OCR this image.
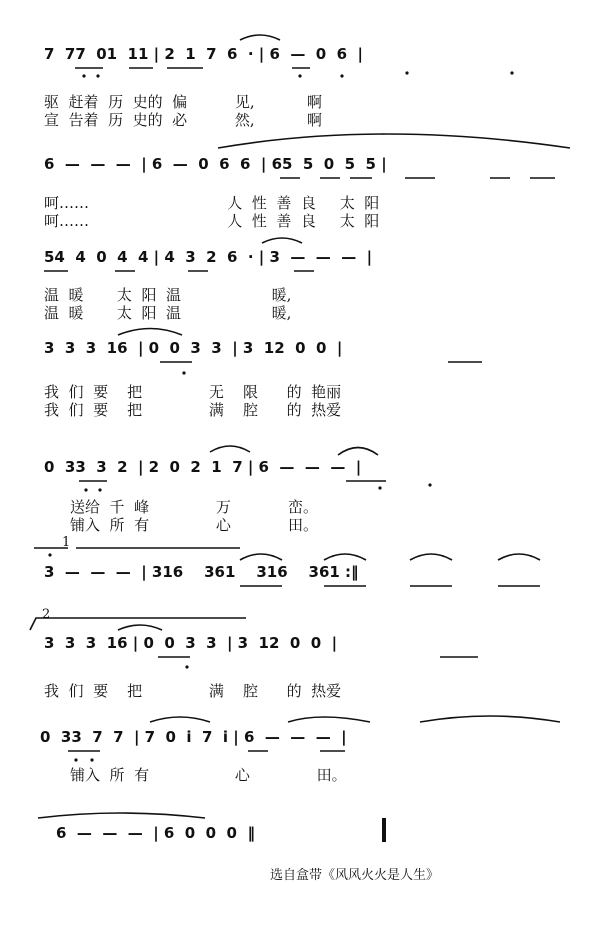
7  77  01  11 | 2  1  7  6  · | 6  —  0  6  |
驱  赶着  历  史的  偏          见,           啊
宣  告着  历  史的  必          然,           啊
6  —  —  —  | 6  —  0  6  6  | 65  5  0  5  5 |
呵……                             人  性  善  良     太  阳
呵……                             人  性  善  良     太  阳
54  4  0  4  4 | 4  3  2  6  · | 3  —  —  —  |
温  暖       太  阳  温                   暖,
温  暖       太  阳  温                   暖,
3  3  3  16  | 0  0  3  3  | 3  12  0  0  |
我  们  要    把              无    限      的  艳丽
我  们  要    把              满    腔      的  热爱
0  33  3  2  | 2  0  2  1  7 | 6  —  —  —  |
送给  千  峰              万            峦。
铺入  所  有              心            田。
1
3  —  —  —  | 316    361    316    361 :‖
2
3  3  3  16 | 0  0  3  3  | 3  12  0  0  |
我  们  要    把              满    腔      的  热爱
0  33  7  7  | 7  0  i  7  i | 6  —  —  —  |
铺入  所  有                  心              田。
6  —  —  —  | 6  0  0  0  ‖
选自盒带《风风火火是人生》
